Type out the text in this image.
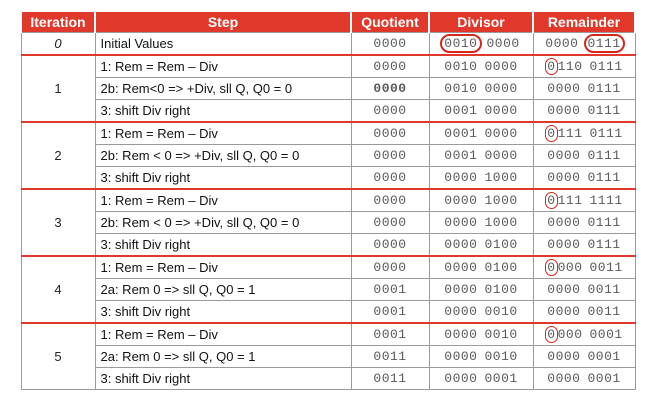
Iteration	Step	Quotient	Divisor	Remainder
0	Initial Values	0000	0010 0000	0000 0111
1	1: Rem = Rem – Div	0000	0010 0000	0 110 0111
	2b: Rem<0 => +Div, sll Q, Q0 = 0	0000	0010 0000	0000 0111
	3: shift Div right	0000	0001 0000	0000 0111
2	1: Rem = Rem – Div	0000	0001 0000	0 111 0111
	2b: Rem < 0 => +Div, sll Q, Q0 = 0	0000	0001 0000	0000 0111
	3: shift Div right	0000	0000 1000	0000 0111
3	1: Rem = Rem – Div	0000	0000 1000	0 111 1111
	2b: Rem < 0 => +Div, sll Q, Q0 = 0	0000	0000 1000	0000 0111
	3: shift Div right	0000	0000 0100	0000 0111
4	1: Rem = Rem – Div	0000	0000 0100	0 000 0011
	2a: Rem 0 => sll Q, Q0 = 1	0001	0000 0100	0000 0011
	3: shift Div right	0001	0000 0010	0000 0011
5	1: Rem = Rem – Div	0001	0000 0010	0 000 0001
	2a: Rem 0 => sll Q, Q0 = 1	0011	0000 0010	0000 0001
	3: shift Div right	0011	0000 0001	0000 0001
